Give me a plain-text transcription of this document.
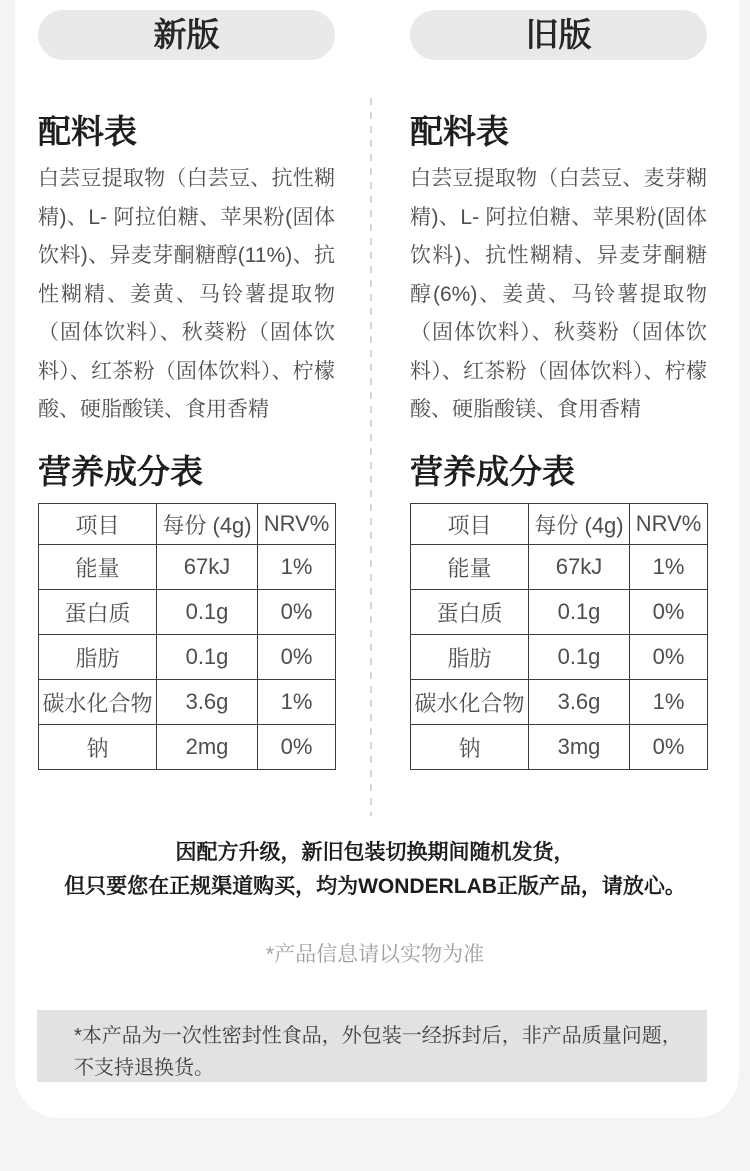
新版	旧版
配料表

白芸豆提取物（白芸豆、抗性糊精)、L- 阿拉伯糖、苹果粉(固体饮料)、异麦芽酮糖醇(11%)、抗性糊精、姜黄、马铃薯提取物（固体饮料）、秋葵粉（固体饮料）、红茶粉（固体饮料）、柠檬酸、硬脂酸镁、食用香精

营养成分表
项目	每份 (4g)	NRV%
能量	67kJ	1%
蛋白质	0.1g	0%
脂肪	0.1g	0%
碳水化合物	3.6g	1%
钠	2mg	0%
配料表

白芸豆提取物（白芸豆、麦芽糊精)、L- 阿拉伯糖、苹果粉(固体饮料)、抗性糊精、异麦芽酮糖醇(6%)、姜黄、马铃薯提取物（固体饮料）、秋葵粉（固体饮料）、红茶粉（固体饮料）、柠檬酸、硬脂酸镁、食用香精

营养成分表
项目	每份 (4g)	NRV%
能量	67kJ	1%
蛋白质	0.1g	0%
脂肪	0.1g	0%
碳水化合物	3.6g	1%
钠	3mg	0%
因配方升级，新旧包装切换期间随机发货，
但只要您在正规渠道购买，均为WONDERLAB正版产品，请放心。
*产品信息请以实物为准
*本产品为一次性密封性食品，外包装一经拆封后，非产品质量问题，不支持退换货。
